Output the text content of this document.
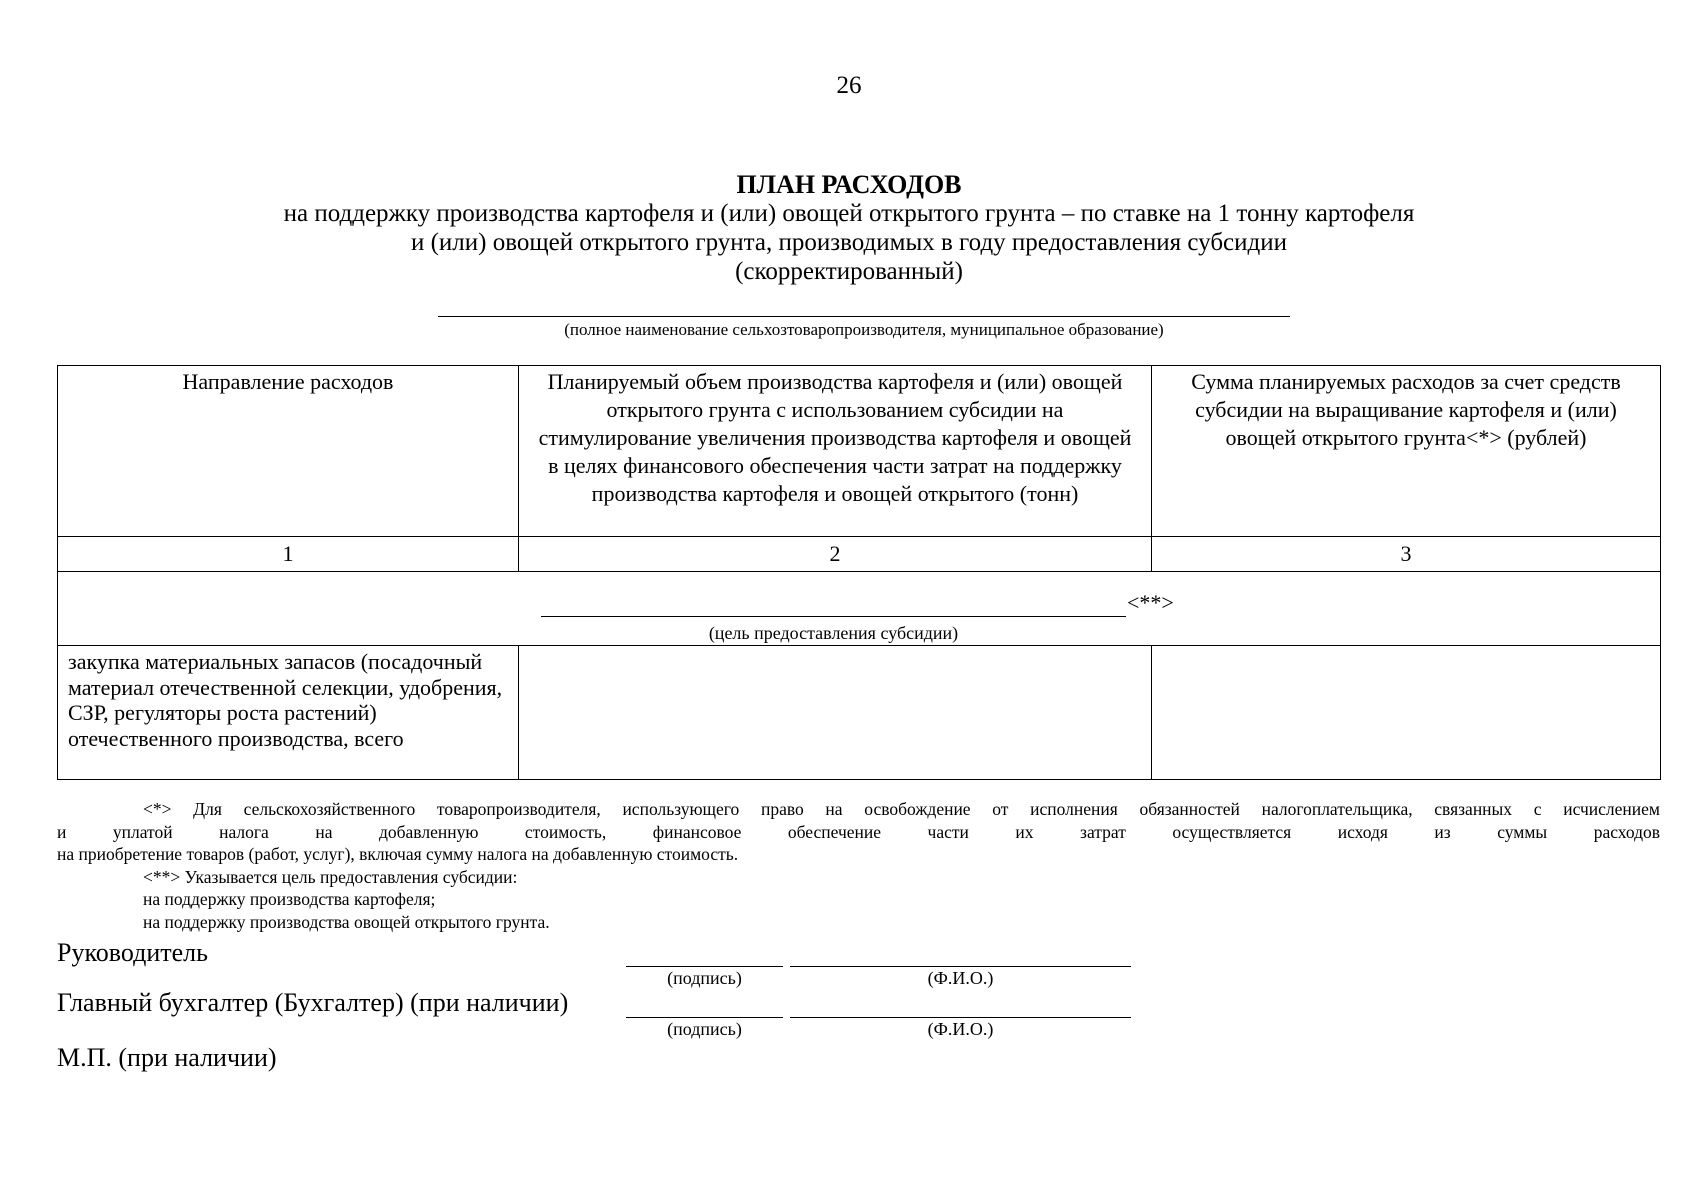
26
ПЛАН РАСХОДОВ
на поддержку производства картофеля и (или) овощей открытого грунта – по ставке на 1 тонну картофеля
и (или) овощей открытого грунта, производимых в году предоставления субсидии
(скорректированный)
(полное наименование сельхозтоваропроизводителя, муниципальное образование)
Направление расходов	Планируемый объем производства картофеля и (или) овощей открытого грунта с использованием субсидии на стимулирование увеличения производства картофеля и овощей в целях финансового обеспечения части затрат на поддержку производства картофеля и овощей открытого (тонн)	Сумма планируемых расходов за счет средств субсидии на выращивание картофеля и (или) овощей открытого грунта<*> (рублей)

1	2	3

<**>
(цель предоставления субсидии)		

закупка материальных запасов (посадочный материал отечественной селекции, удобрения, СЗР, регуляторы роста растений) отечественного производства, всего		

<*> Для сельскохозяйственного товаропроизводителя, использующего право на освобождение от исполнения обязанностей налогоплательщика, связанных с исчислением

и уплатой налога на добавленную стоимость, финансовое обеспечение части их затрат осуществляется исходя из суммы расходов

на приобретение товаров (работ, услуг), включая сумму налога на добавленную стоимость.

<**> Указывается цель предоставления субсидии:

на поддержку производства картофеля;

на поддержку производства овощей открытого грунта.

Руководитель
(подпись)	(Ф.И.О.)
Главный бухгалтер (Бухгалтер) (при наличии)
(подпись)	(Ф.И.О.)
М.П. (при наличии)
